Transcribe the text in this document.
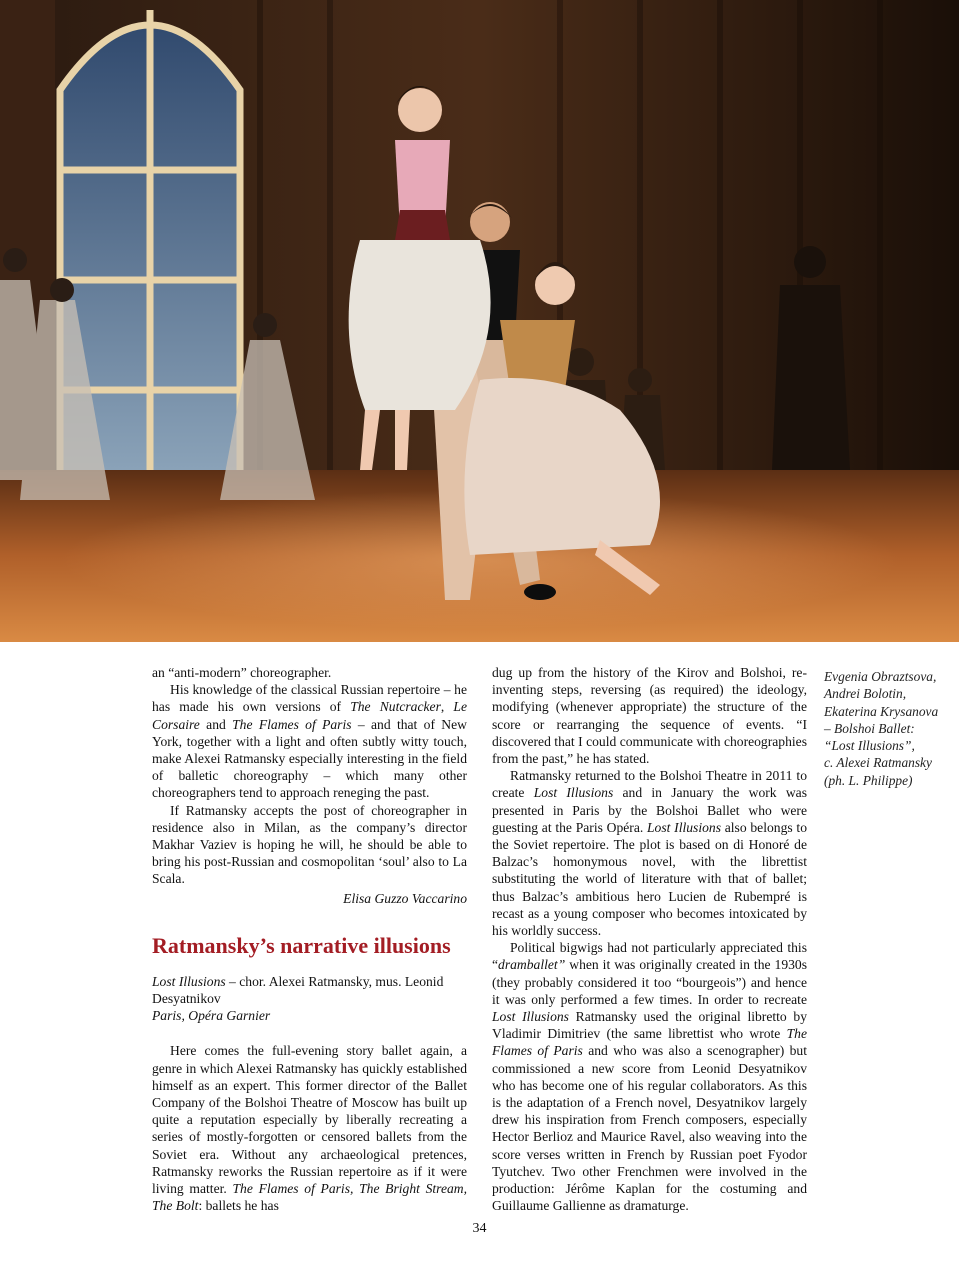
an “anti-modern” choreographer.

His knowledge of the classical Russian repertoire – he has made his own versions of The Nutcracker, Le Corsaire and The Flames of Paris – and that of New York, together with a light and often subtly witty touch, make Alexei Ratmansky especially interesting in the field of balletic choreography – which many other choreographers tend to approach reneging the past.

If Ratmansky accepts the post of choreographer in residence also in Milan, as the company’s director Makhar Vaziev is hoping he will, he should be able to bring his post-Russian and cosmopolitan ‘soul’ also to La Scala.

Elisa Guzzo Vaccarino

Ratmansky’s narrative illusions

Lost Illusions – chor. Alexei Ratmansky, mus. Leonid Desyatnikov
Paris, Opéra Garnier

Here comes the full-evening story ballet again, a genre in which Alexei Ratmansky has quickly established himself as an expert. This former director of the Ballet Company of the Bolshoi Theatre of Moscow has built up quite a reputation especially by liberally recreating a series of mostly-forgotten or censored ballets from the Soviet era. Without any archaeological pretences, Ratmansky reworks the Russian repertoire as if it were living matter. The Flames of Paris, The Bright Stream, The Bolt: ballets he has

dug up from the history of the Kirov and Bolshoi, re-inventing steps, reversing (as required) the ideology, modifying (whenever appropriate) the structure of the score or rearranging the sequence of events. “I discovered that I could communicate with choreographies from the past,” he has stated.

Ratmansky returned to the Bolshoi Theatre in 2011 to create Lost Illusions and in January the work was presented in Paris by the Bolshoi Ballet who were guesting at the Paris Opéra. Lost Illusions also belongs to the Soviet repertoire. The plot is based on di Honoré de Balzac’s homonymous novel, with the librettist substituting the world of literature with that of ballet; thus Balzac’s ambitious hero Lucien de Rubempré is recast as a young composer who becomes intoxicated by his worldly success.

Political bigwigs had not particularly appreciated this “dramballet” when it was originally created in the 1930s (they probably considered it too “bourgeois”) and hence it was only performed a few times. In order to recreate Lost Illusions Ratmansky used the original libretto by Vladimir Dimitriev (the same librettist who wrote The Flames of Paris and who was also a scenographer) but commissioned a new score from Leonid Desyatnikov who has become one of his regular collaborators. As this is the adaptation of a French novel, Desyatnikov largely drew his inspiration from French composers, especially Hector Berlioz and Maurice Ravel, also weaving into the score verses written in French by Russian poet Fyodor Tyutchev. Two other Frenchmen were involved in the production: Jérôme Kaplan for the costuming and Guillaume Gallienne as dramaturge.

Evgenia Obraztsova, Andrei Bolotin, Ekaterina Krysanova
– Bolshoi Ballet:
“Lost Illusions”,
c. Alexei Ratmansky
(ph. L. Philippe)
34
